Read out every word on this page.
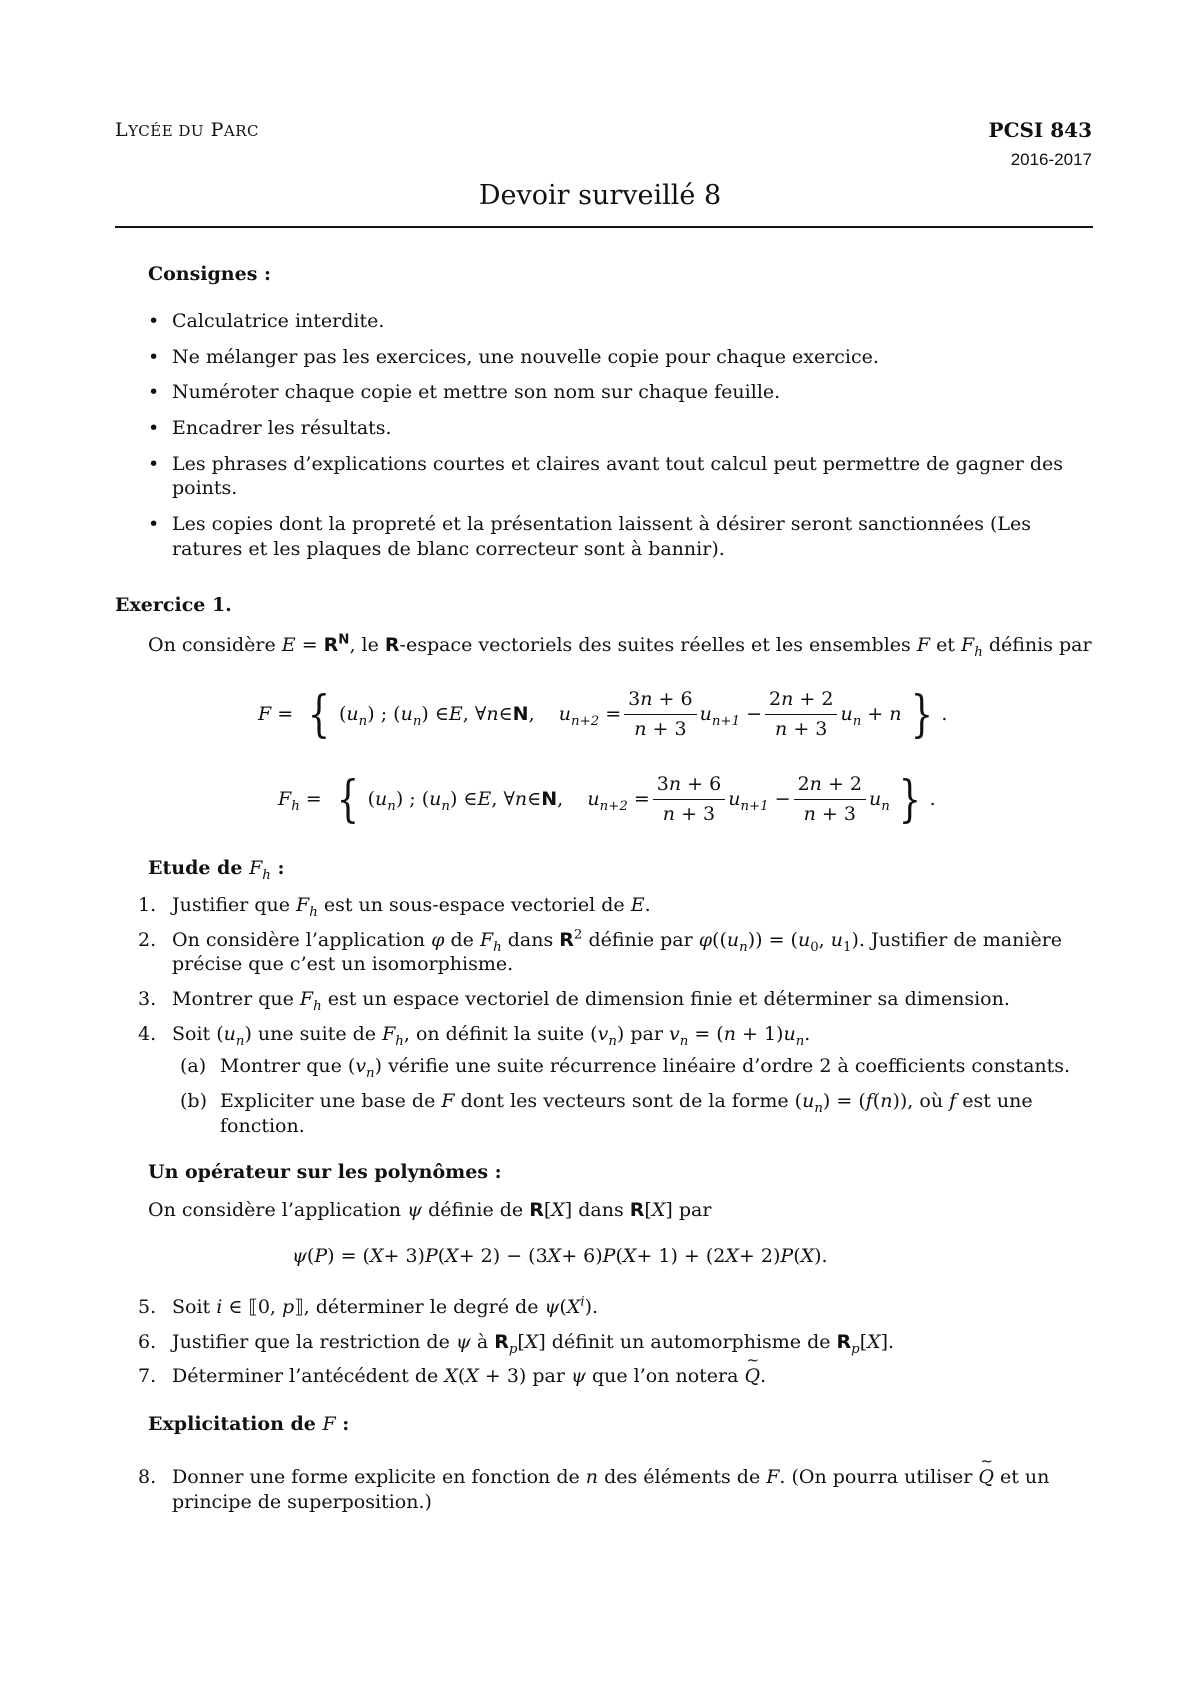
LYCÉE DU PARC	PCSI 843
2016-2017
Devoir surveillé 8
Consignes :
• Calculatrice interdite.
• Ne mélanger pas les exercices, une nouvelle copie pour chaque exercice.
• Numéroter chaque copie et mettre son nom sur chaque feuille.
• Encadrer les résultats.
• Les phrases d’explications courtes et claires avant tout calcul peut permettre de gagner des points.
• Les copies dont la propreté et la présentation laissent à désirer seront sanctionnées (Les ratures et les plaques de blanc correcteur sont à bannir).
Exercice 1.
On considère $E = R^N$, le R-espace vectoriels des suites réelles et les ensembles F et $F_h$ définis par
F = { ( $u_n$ ) ; ( $u_n$ ) ∈ E , ∀ n ∈ N , $u_{n+2} = \frac{3n + 6}{n + 3} u_{n+1} - \frac{2n + 2}{n + 3} u_n + n$ } .
$F_h$ = { ( $u_n$ ) ; ( $u_n$ ) ∈ E , ∀ n ∈ N , $u_{n+2} = \frac{3n + 6}{n + 3} u_{n+1} - \frac{2n + 2}{n + 3} u_n$ } .
Etude de $F_h$ :
1. Justifier que $F_h$ est un sous-espace vectoriel de E.
2. On considère l’application φ de $F_h$ dans $R^2$ définie par $\varphi((u_n)) = (u_0$, $u_1$). Justifier de manière précise que c’est un isomorphisme.
3. Montrer que $F_h$ est un espace vectoriel de dimension finie et déterminer sa dimension.
4. Soit $(u_n)$ une suite de $F_h$, on définit la suite $(v_n)$ par $v_n = (n + 1)u_n$.
(a) Montrer que $(v_n)$ vérifie une suite récurrence linéaire d’ordre 2 à coefficients constants.
(b) Expliciter une base de F dont les vecteurs sont de la forme $(u_n) = (f(n))$, où f est une fonction.
Un opérateur sur les polynômes :
On considère l’application ψ définie de R[X] dans R[X] par
ψ ( P ) = ( X + 3) P ( X + 2) − (3 X + 6) P ( X + 1) + (2 X + 2) P ( X ).
5. Soit i ∈ ⟦0, p⟧, déterminer le degré de $\psi(X^i)$.
6. Justifier que la restriction de ψ à $R_p[X]$ définit un automorphisme de $R_p[X]$.
7. Déterminer l’antécédent de X(X + 3) par ψ que l’on notera ~ Q.
Explicitation de F :
8. Donner une forme explicite en fonction de n des éléments de F. (On pourra utiliser ~ Q et un principe de superposition.)
